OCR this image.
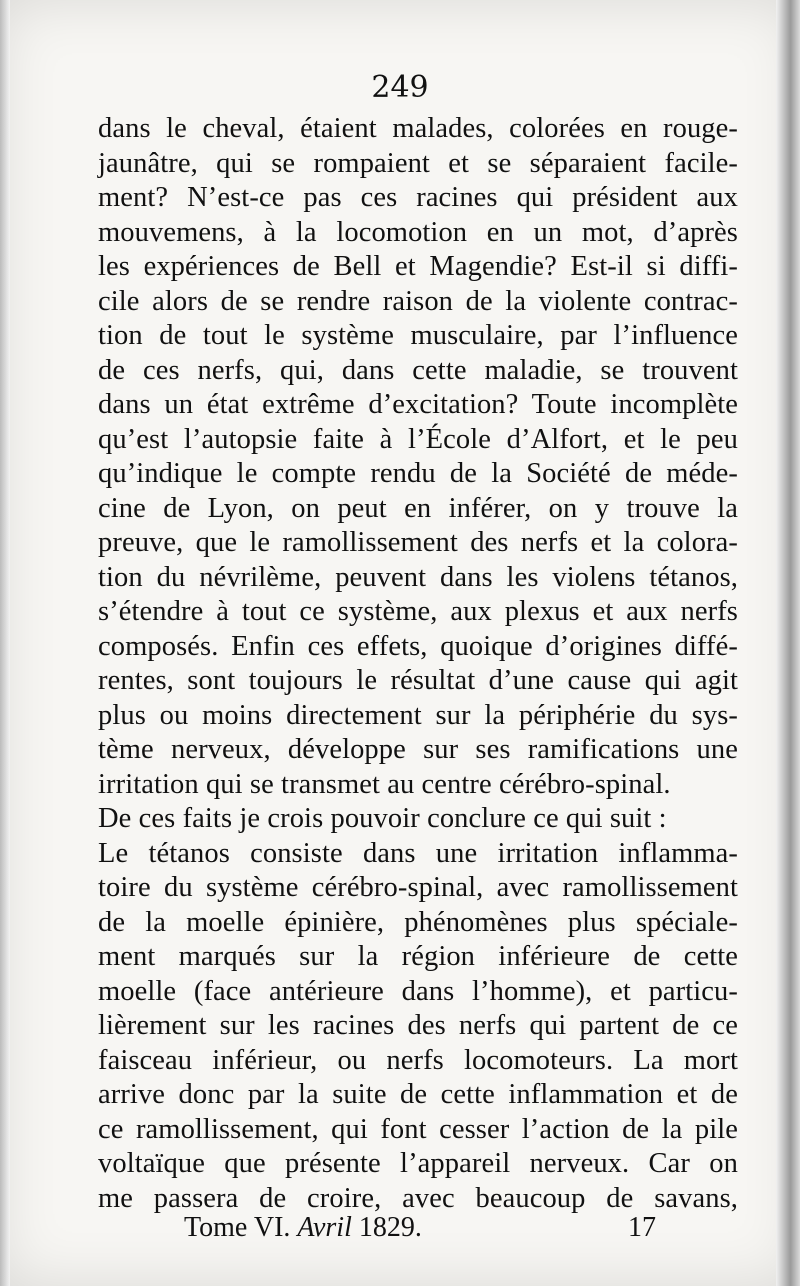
249
dans le cheval, étaient malades, colorées en rouge-
jaunâtre, qui se rompaient et se séparaient facile-
ment? N’est-ce pas ces racines qui président aux
mouvemens, à la locomotion en un mot, d’après
les expériences de Bell et Magendie? Est-il si diffi-
cile alors de se rendre raison de la violente contrac-
tion de tout le système musculaire, par l’influence
de ces nerfs, qui, dans cette maladie, se trouvent
dans un état extrême d’excitation? Toute incomplète
qu’est l’autopsie faite à l’École d’Alfort, et le peu
qu’indique le compte rendu de la Société de méde-
cine de Lyon, on peut en inférer, on y trouve la
preuve, que le ramollissement des nerfs et la colora-
tion du névrilème, peuvent dans les violens tétanos,
s’étendre à tout ce système, aux plexus et aux nerfs
composés. Enfin ces effets, quoique d’origines diffé-
rentes, sont toujours le résultat d’une cause qui agit
plus ou moins directement sur la périphérie du sys-
tème nerveux, développe sur ses ramifications une
irritation qui se transmet au centre cérébro-spinal.
De ces faits je crois pouvoir conclure ce qui suit :
Le tétanos consiste dans une irritation inflamma-
toire du système cérébro-spinal, avec ramollissement
de la moelle épinière, phénomènes plus spéciale-
ment marqués sur la région inférieure de cette
moelle (face antérieure dans l’homme), et particu-
lièrement sur les racines des nerfs qui partent de ce
faisceau inférieur, ou nerfs locomoteurs. La mort
arrive donc par la suite de cette inflammation et de
ce ramollissement, qui font cesser l’action de la pile
voltaïque que présente l’appareil nerveux. Car on
me passera de croire, avec beaucoup de savans,
Tome VI. Avril 1829.	17
